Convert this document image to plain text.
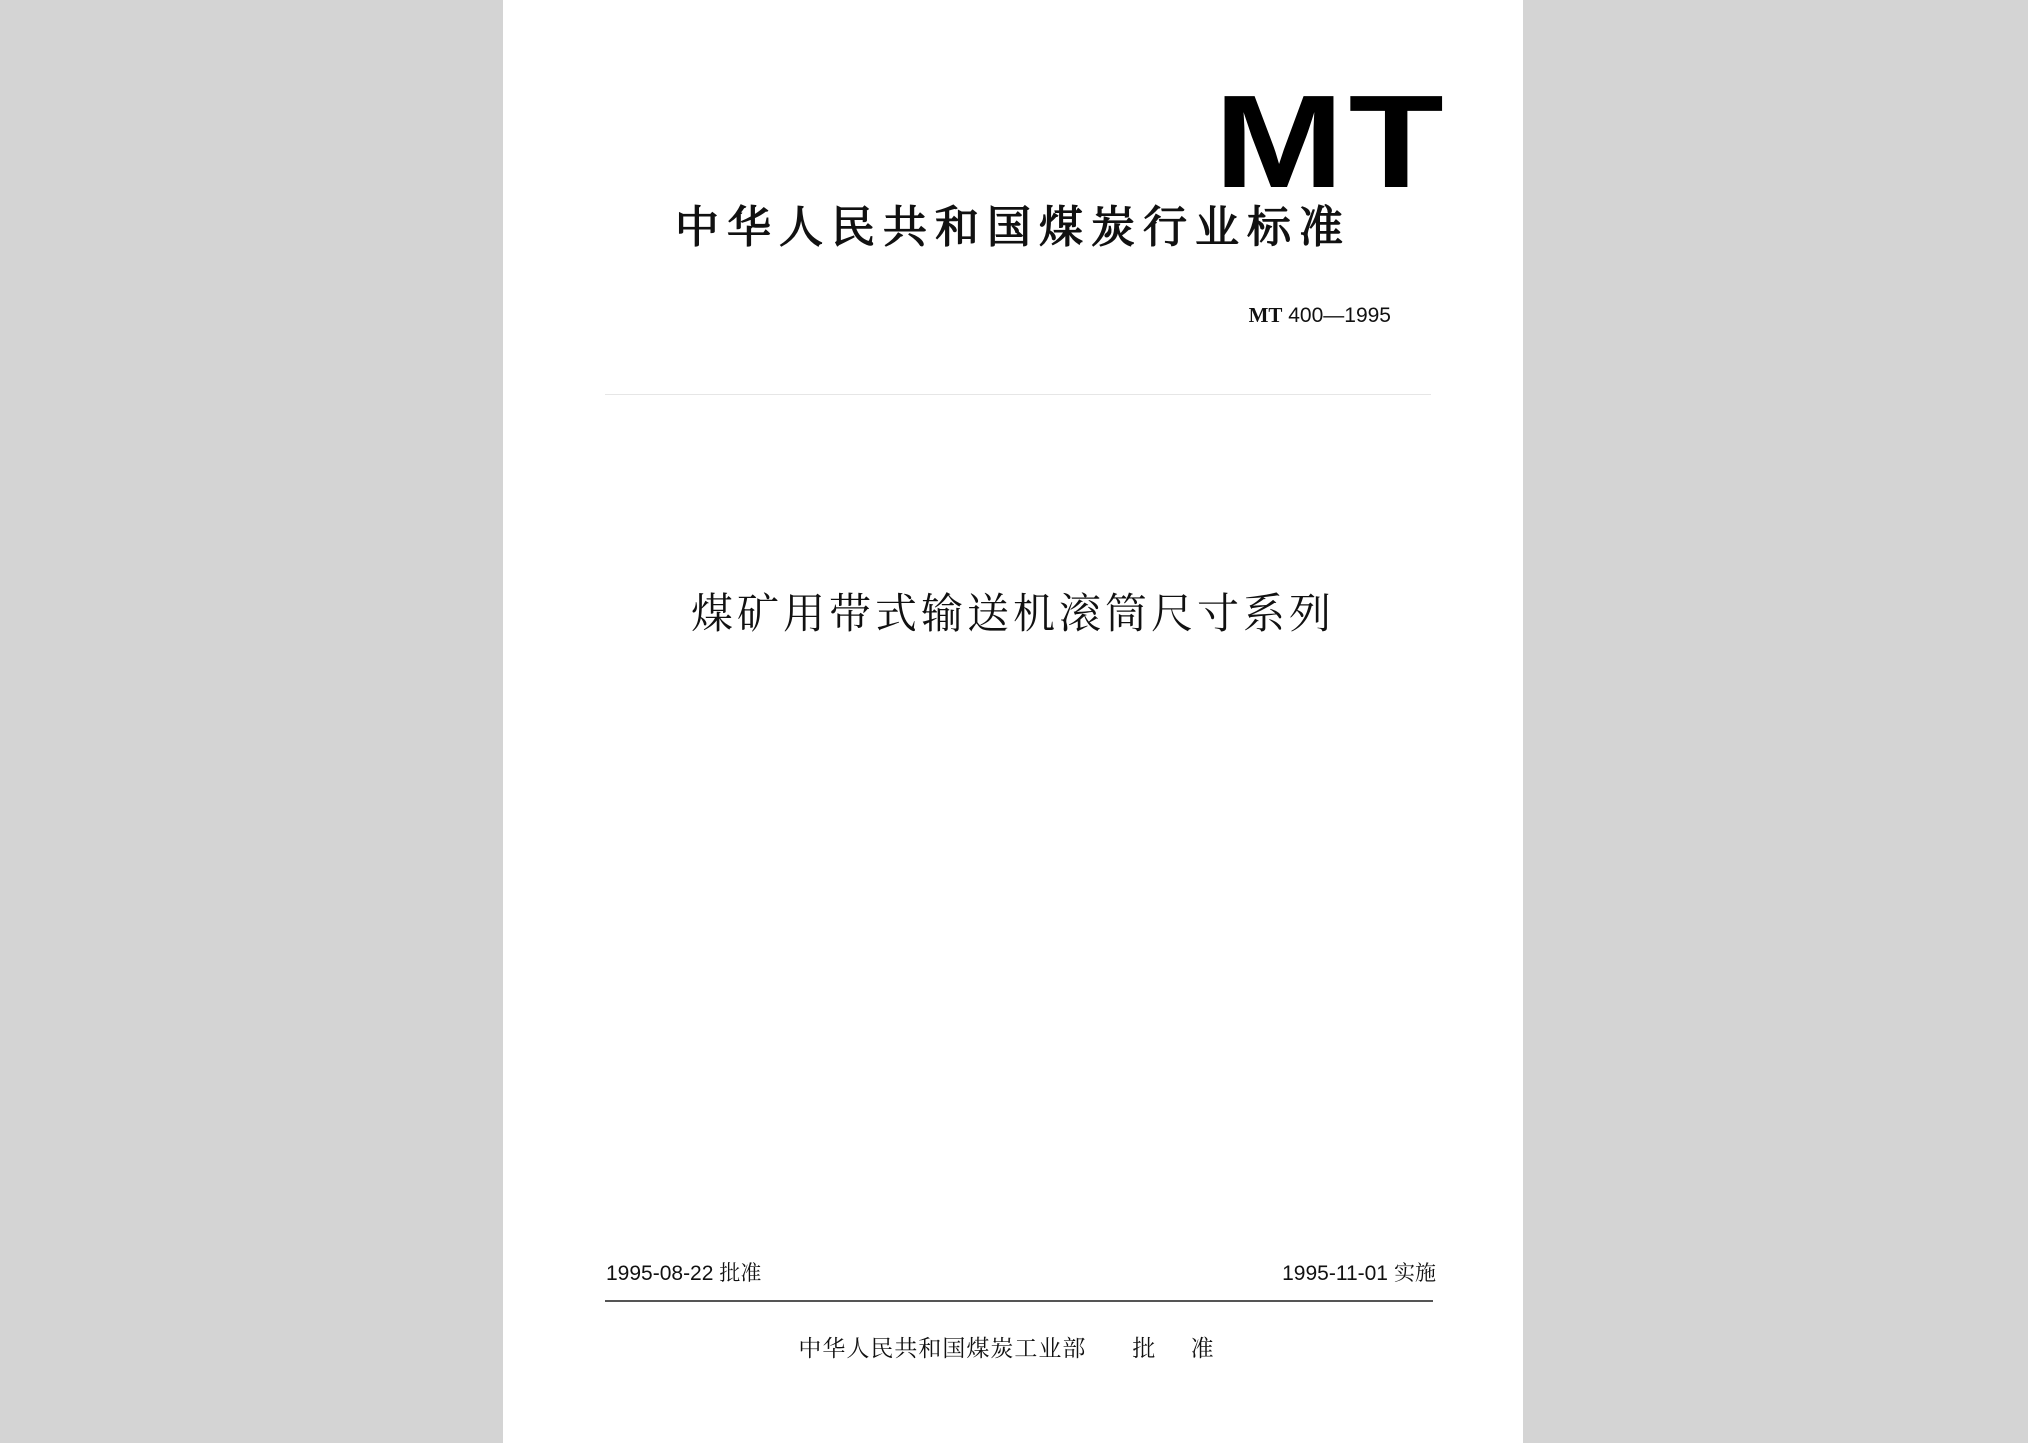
MT
中华人民共和国煤炭行业标准
MT 400—1995
煤矿用带式输送机滚筒尺寸系列
1995-08-22 批准	1995-11-01 实施
中华人民共和国煤炭工业部 批 准
